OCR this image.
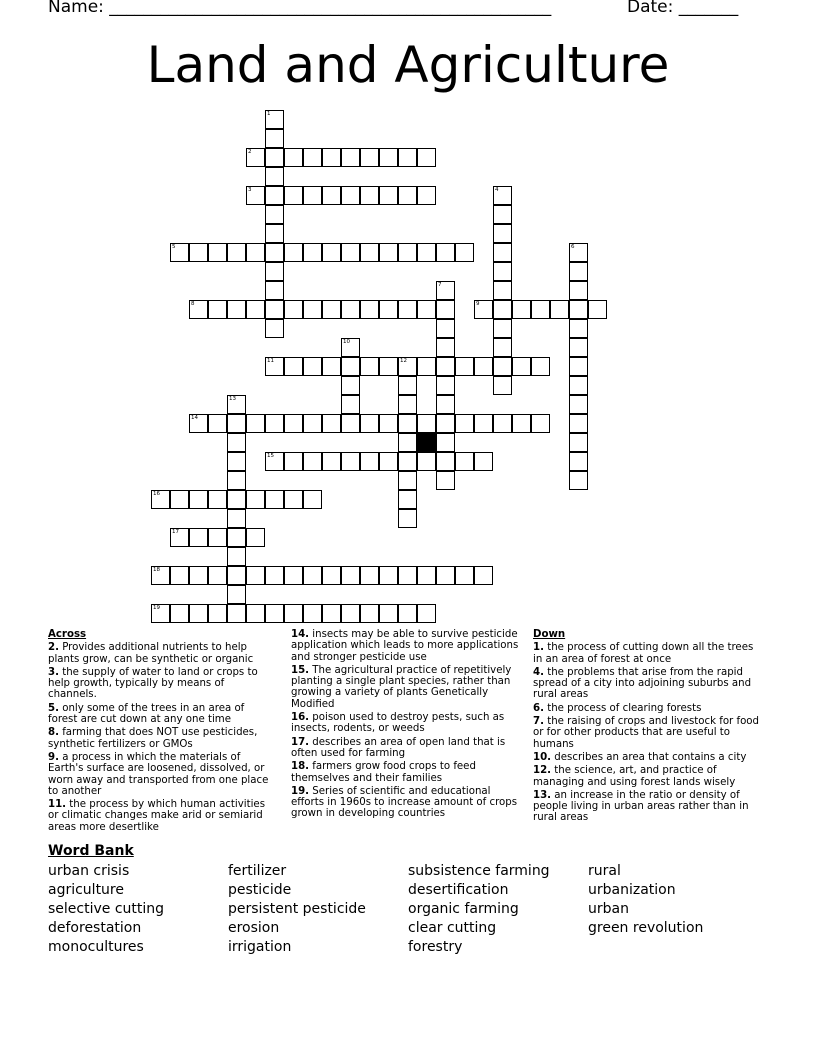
Name: ____________________________________________________	Date: _______
Land and Agriculture
1
2
3	4
5	6
7
8	9
10
11	12
13
14
15
16
17
18
19
Across
2. Provides additional nutrients to help plants grow, can be synthetic or organic
3. the supply of water to land or crops to help growth, typically by means of channels.
5. only some of the trees in an area of forest are cut down at any one time
8. farming that does NOT use pesticides, synthetic fertilizers or GMOs
9. a process in which the materials of Earth's surface are loosened, dissolved, or worn away and transported from one place to another
11. the process by which human activities or climatic changes make arid or semiarid areas more desertlike
14. insects may be able to survive pesticide application which leads to more applications and stronger pesticide use
15. The agricultural practice of repetitively planting a single plant species, rather than growing a variety of plants Genetically Modified
16. poison used to destroy pests, such as insects, rodents, or weeds
17. describes an area of open land that is often used for farming
18. farmers grow food crops to feed themselves and their families
19. Series of scientific and educational efforts in 1960s to increase amount of crops grown in developing countries
Down
1. the process of cutting down all the trees in an area of forest at once
4. the problems that arise from the rapid spread of a city into adjoining suburbs and rural areas
6. the process of clearing forests
7. the raising of crops and livestock for food or for other products that are useful to humans
10. describes an area that contains a city
12. the science, art, and practice of managing and using forest lands wisely
13. an increase in the ratio or density of people living in urban areas rather than in rural areas
Word Bank
urban crisis
agriculture
selective cutting
deforestation
monocultures
fertilizer
pesticide
persistent pesticide
erosion
irrigation
subsistence farming
desertification
organic farming
clear cutting
forestry
rural
urbanization
urban
green revolution
